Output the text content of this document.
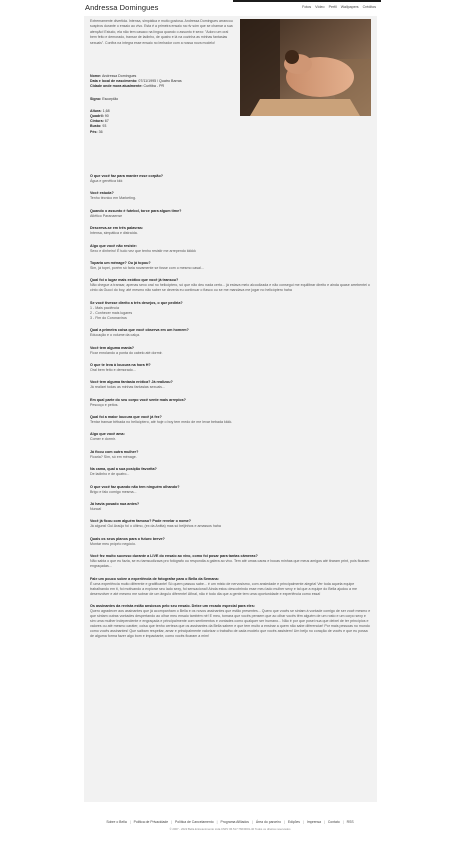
Andressa Domingues	Fotos Vídeo Perfil Wallpapers Créditos

Extremamente divertida. Intensa, simpática e muito gostosa. Andressa Domingues arrancou suspiros durante o ensaio ao vivo. Esta é a primeira ensaio na rlv sóm que se chamar a sua atenção! Estudo, ela não tem casaco na língua quando o assunto é sexo: "Adoro um oral bem feito e demorado, transar de ladinho, de quatro e lá na cozinha as minhas fantasias sexuais". Confira na íntegra esse ensaio no lenhador com a nossa nova modelo!

Nome: Andressa Domingues
Data e local de nascimento: 07/11/1995 / Quatro Barras
Cidade onde mora atualmente: Curitiba - PR
Signo: Escorpião
Altura: 1,68
Quadril: 90
Cintura: 67
Busto: 93
Pés: 36
O que você faz para manter esse corpão?
Água e genética kkk
Você estuda?
Tenho técnico em Marketing.
Quando o assunto é futebol, torce para algum time?
Atlético Paranaense
Descreva-se em três palavras:
Intensa, simpática e distraída.
Algo que você não resiste:
Sexo e dinheiro! É tudo vez que tenho resistir me arrependo kkkkk
Toparia um ménage? Ou já topou?
Sim, já topei, porém só faria novamente se fosse com o mesmo casal...
Qual foi o lugar mais exótico que você já transou?
Não chegue a transar, apenas sexo oral no helicóptero, só que não deu nada certo... já estava meio alcoolizada e não consegui me equilibrar direito e ainda quase arrebentei o cinto da Gucci do boy, até mesmo não saber se deveria eu continuar o fiasco ou se me mandava me jogar no helicóptero haha
Se você tivesse direito a três desejos, o que pediria?
1 - Mais paciência
2 - Conhecer mais lugares
3 - Fim do Coronavírus
Qual a primeira coisa que você observa em um homem?
Educação e o volume da calça.
Você tem alguma mania?
Ficar enrolando a ponta do cabelo até dormir.
O que te leva à loucura na hora H?
Oral bem feito e demorado...
Você tem alguma fantasia erótica? Já realizou?
Já realizei todas as minhas fantasias sexuais...
Em qual parte do seu corpo você sente mais arrepios?
Pescoço e peitos.
Qual foi a maior loucura que você já fez?
Tentar transar bêbada no helicóptero, até hoje o boy tem medo de me levar bebada kkkk.
Algo que você ama:
Comer e dormir.
Já ficou com outra mulher?
Ficaria? Sim, só em ménage.
Na cama, qual a sua posição favorita?
De ladinho e de quatro...
O que você faz quando não tem ninguém olhando?
Brigo e falo comigo mesma...
Já havia posado nua antes?
Nunca!
Você já ficou com alguém famoso? Pode revelar o nome?
Já alguns! Gui Araújo foi o último, (ex da Anitta) mas só beijinhos e amassos haha
Quais os seus planos para o futuro breve?
Montar meu próprio negócio.
Você fez muito sucesso durante a LIVE do ensaio ao vivo, como foi posar para tantas câmeras?
Não sabia o que eu fazia, se eu tamsuolizava pro fotógrafo ou respondia a galera ao vivo. Tem até umas caras e bocas minhas que meus amigos até tiraram print, pois ficaram engraçadas...
Fale um pouco sobre a experiência de fotografar para o Bella da Semana:
É uma experiência muito diferente e gratificante! Só quem passou sabe... é um misto de nervosismo, com ansiedade e principalmente alegria! Ver toda aquela equipe trabalhando em ti, foi motivando a explorar seu lado sexy, foi sensacional! Ainda estou descobrindo esse meu lado mulher sexy e tal que a equipe do Bella ajudou a me desenvolver e até mesmo me sobrar de um ângulo diferente! Afinal, não é todo dia que a gente tem uma oportunidade e experiência como essa!
Os assinantes da revista estão ansiosos pelo seu ensaio. Deixe um recado especial para eles:
Quero agradecer aos assinantes que já acompanham o Bella e os novos assinantes que estão presentes... Quero que vocês se sintam à vontade comigo de ser você mesmo e que sintam outras vontades despertando ao olhar meu ensaio também né! E meu, tomara que vocês pensem que ao olhar vocês têm alguém de um rosto e um corpo sexy e sim uma mulher independente e engraçada e principalmente com sentimentos e vontades como qualquer ser humano... Não é por que posei nua que deixei de ter princípios e valores ou até mesmo caráter, coisa que tenho certeza que os assinantes da Bella sabem e que tem muito a ensinar a quem não sabe diferenciar! Por mais pessoas no mundo como vocês assinantes! Que saibam respeitar, amar e principalmente valorizar o trabalho de cada modelo que vocês assistem! Um beijo no coração de vocês e que eu possa de alguma forma fazer algo bom e impactante, como vocês ficaram a mim!
Sobre o Bella | Política de Privacidade | Política de Cancelamento | Programa Afiliados | Área do parceiro | Edições | Imprensa | Contato | RSS
© 2007 - 2022 Bella Entretenimento Ltda CNPJ 06.517.766/0001-40 Todos os direitos reservados
